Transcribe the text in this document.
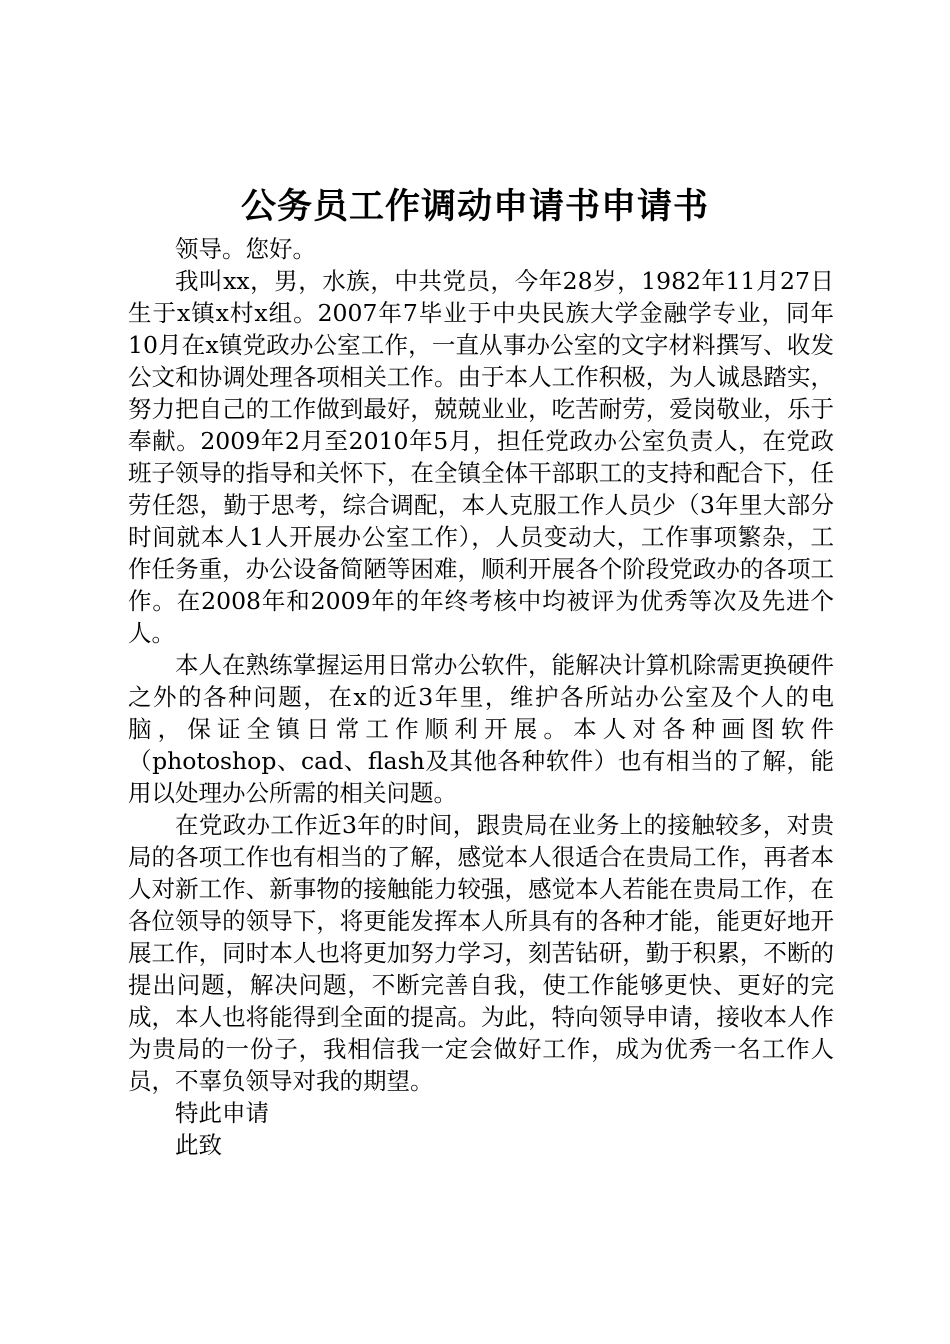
公务员工作调动申请书申请书

领导。您好。

我叫xx，男，水族，中共党员，今年28岁，1982年11月27日生于x镇x村x组。2007年7毕业于中央民族大学金融学专业，同年10月在x镇党政办公室工作，一直从事办公室的文字材料撰写、收发公文和协调处理各项相关工作。由于本人工作积极，为人诚恳踏实，努力把自己的工作做到最好，兢兢业业，吃苦耐劳，爱岗敬业，乐于奉献。2009年2月至2010年5月，担任党政办公室负责人，在党政班子领导的指导和关怀下，在全镇全体干部职工的支持和配合下，任劳任怨，勤于思考，综合调配，本人克服工作人员少（3年里大部分时间就本人1人开展办公室工作），人员变动大，工作事项繁杂，工作任务重，办公设备简陋等困难，顺利开展各个阶段党政办的各项工作。在2008年和2009年的年终考核中均被评为优秀等次及先进个人。

本人在熟练掌握运用日常办公软件，能解决计算机除需更换硬件之外的各种问题，在x的近3年里，维护各所站办公室及个人的电脑，保证全镇日常工作顺利开展。本人对各种画图软件（photoshop、cad、flash及其他各种软件）也有相当的了解，能用以处理办公所需的相关问题。

在党政办工作近3年的时间，跟贵局在业务上的接触较多，对贵局的各项工作也有相当的了解，感觉本人很适合在贵局工作，再者本人对新工作、新事物的接触能力较强，感觉本人若能在贵局工作，在各位领导的领导下，将更能发挥本人所具有的各种才能，能更好地开展工作，同时本人也将更加努力学习，刻苦钻研，勤于积累，不断的提出问题，解决问题，不断完善自我，使工作能够更快、更好的完成，本人也将能得到全面的提高。为此，特向领导申请，接收本人作为贵局的一份子，我相信我一定会做好工作，成为优秀一名工作人员，不辜负领导对我的期望。

特此申请

此致
